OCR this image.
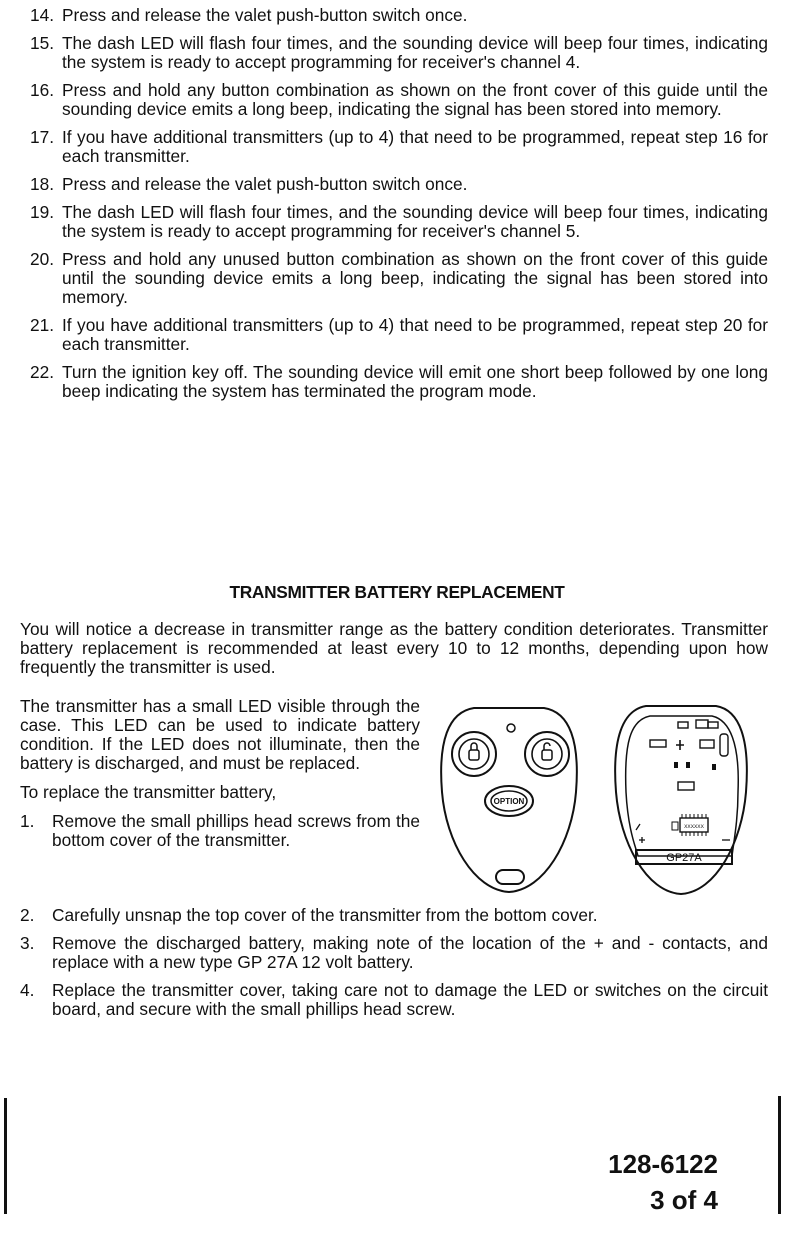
14. Press and release the valet push-button switch once.
15. The dash LED will flash four times, and the sounding device will beep four times, indicating the system is ready to accept programming for receiver's channel 4.
16. Press and hold any button combination as shown on the front cover of this guide until the sounding device emits a long beep, indicating the signal has been stored into memory.
17. If you have additional transmitters (up to 4) that need to be programmed, repeat step 16 for each transmitter.
18. Press and release the valet push-button switch once.
19. The dash LED will flash four times, and the sounding device will beep four times, indicating the system is ready to accept programming for receiver's channel 5.
20. Press and hold any unused button combination as shown on the front cover of this guide until the sounding device emits a long beep, indicating the signal has been stored into memory.
21. If you have additional transmitters (up to 4) that need to be programmed, repeat step 20 for each transmitter.
22. Turn the ignition key off. The sounding device will emit one short beep followed by one long beep indicating the system has terminated the program mode.
TRANSMITTER BATTERY REPLACEMENT

You will notice a decrease in transmitter range as the battery condition deteriorates. Transmitter battery replacement is recommended at least every 10 to 12 months, depending upon how frequently the transmitter is used.

The transmitter has a small LED visible through the case. This LED can be used to indicate battery condition. If the LED does not illuminate, then the battery is discharged, and must be replaced.

To replace the transmitter battery,

1. Remove the small phillips head screws from the bottom cover of the transmitter.
OPTION
XXXXXX
GP27A
2. Carefully unsnap the top cover of the transmitter from the bottom cover.
3. Remove the discharged battery, making note of the location of the + and - contacts, and replace with a new type GP 27A 12 volt battery.
4. Replace the transmitter cover, taking care not to damage the LED or switches on the circuit board, and secure with the small phillips head screw.
128-6122
3 of 4
